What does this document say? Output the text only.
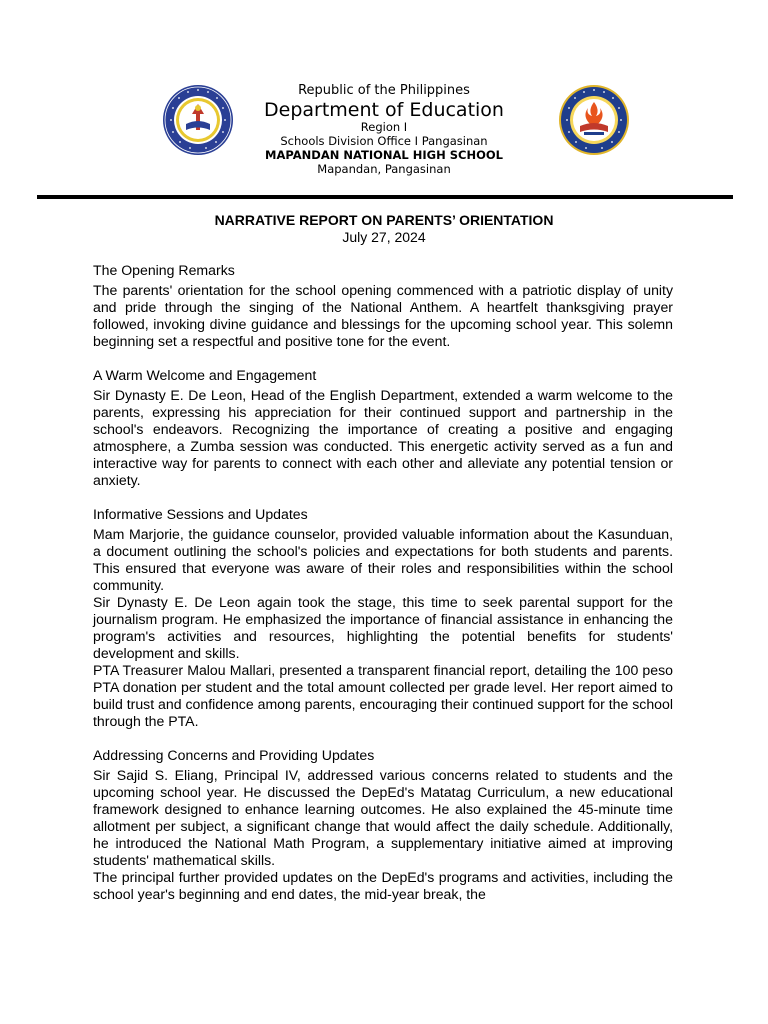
Republic of the Philippines
Department of Education
Region I
Schools Division Office I Pangasinan
MAPANDAN NATIONAL HIGH SCHOOL
Mapandan, Pangasinan
NARRATIVE REPORT ON PARENTS’ ORIENTATION
July 27, 2024
The Opening Remarks

The parents' orientation for the school opening commenced with a patriotic display of unity and pride through the singing of the National Anthem. A heartfelt thanksgiving prayer followed, invoking divine guidance and blessings for the upcoming school year. This solemn beginning set a respectful and positive tone for the event.

A Warm Welcome and Engagement

Sir Dynasty E. De Leon, Head of the English Department, extended a warm welcome to the parents, expressing his appreciation for their continued support and partnership in the school's endeavors. Recognizing the importance of creating a positive and engaging atmosphere, a Zumba session was conducted. This energetic activity served as a fun and interactive way for parents to connect with each other and alleviate any potential tension or anxiety.

Informative Sessions and Updates

Mam Marjorie, the guidance counselor, provided valuable information about the Kasunduan, a document outlining the school's policies and expectations for both students and parents. This ensured that everyone was aware of their roles and responsibilities within the school community.

Sir Dynasty E. De Leon again took the stage, this time to seek parental support for the journalism program. He emphasized the importance of financial assistance in enhancing the program's activities and resources, highlighting the potential benefits for students' development and skills.

PTA Treasurer Malou Mallari, presented a transparent financial report, detailing the 100 peso PTA donation per student and the total amount collected per grade level. Her report aimed to build trust and confidence among parents, encouraging their continued support for the school through the PTA.

Addressing Concerns and Providing Updates

Sir Sajid S. Eliang, Principal IV, addressed various concerns related to students and the upcoming school year. He discussed the DepEd's Matatag Curriculum, a new educational framework designed to enhance learning outcomes. He also explained the 45-minute time allotment per subject, a significant change that would affect the daily schedule. Additionally, he introduced the National Math Program, a supplementary initiative aimed at improving students' mathematical skills.

The principal further provided updates on the DepEd's programs and activities, including the school year's beginning and end dates, the mid-year break, the
